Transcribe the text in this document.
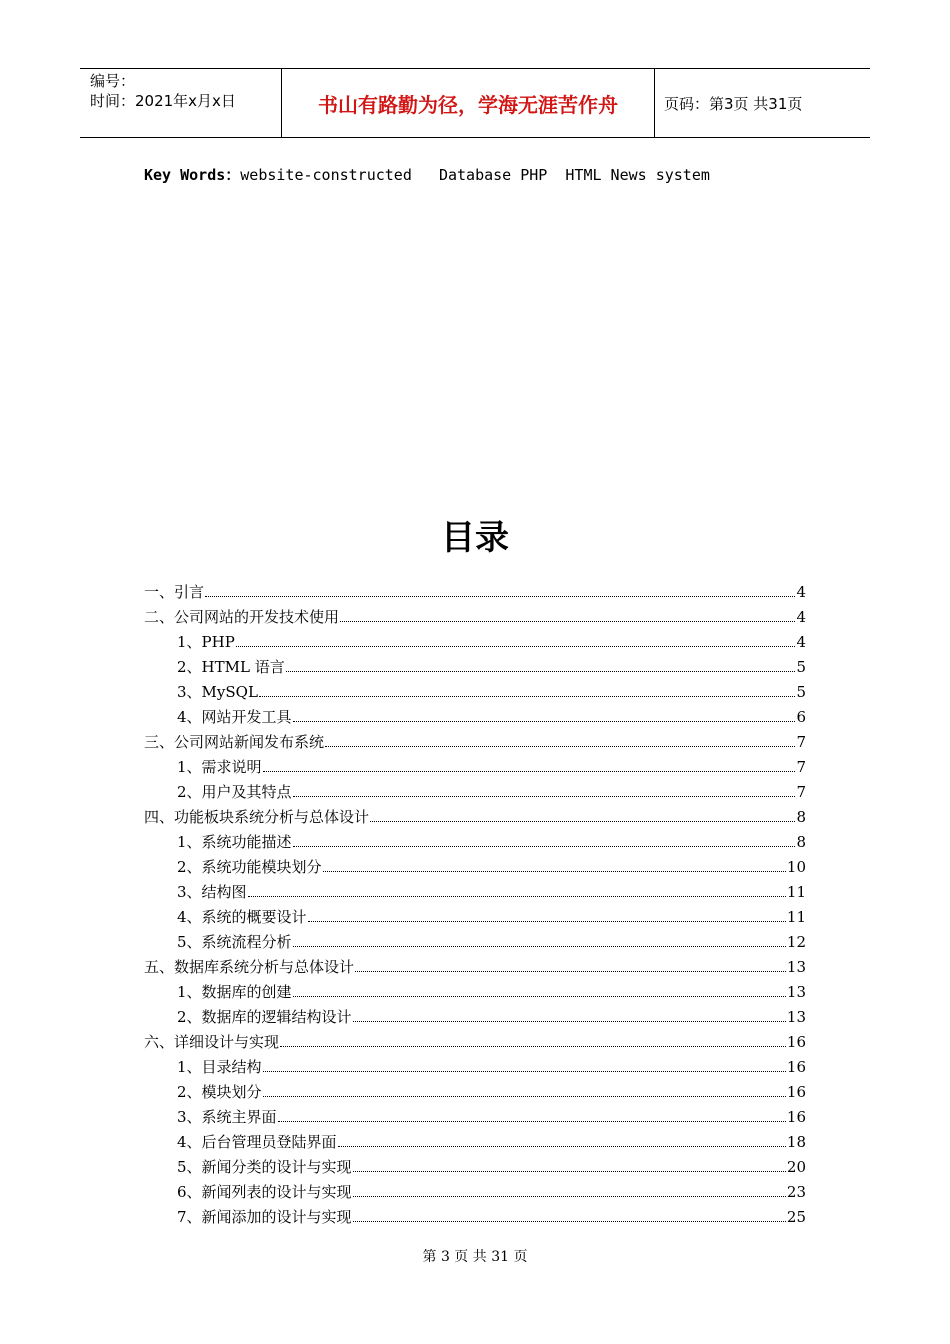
编号：
时间：2021年x月x日	书山有路勤为径，学海无涯苦作舟	页码：第3页 共31页
Key Words：website-constructed   Database PHP  HTML News system
目录
一、引言	4
二、公司网站的开发技术使用	4
1、PHP	4
2、HTML 语言	5
3、MySQL	5
4、网站开发工具	6
三、公司网站新闻发布系统	7
1、需求说明	7
2、用户及其特点	7
四、功能板块系统分析与总体设计	8
1、系统功能描述	8
2、系统功能模块划分	10
3、结构图	11
4、系统的概要设计	11
5、系统流程分析	12
五、数据库系统分析与总体设计	13
1、数据库的创建	13
2、数据库的逻辑结构设计	13
六、详细设计与实现	16
1、目录结构	16
2、模块划分	16
3、系统主界面	16
4、后台管理员登陆界面	18
5、新闻分类的设计与实现	20
6、新闻列表的设计与实现	23
7、新闻添加的设计与实现	25
第 3 页 共 31 页
